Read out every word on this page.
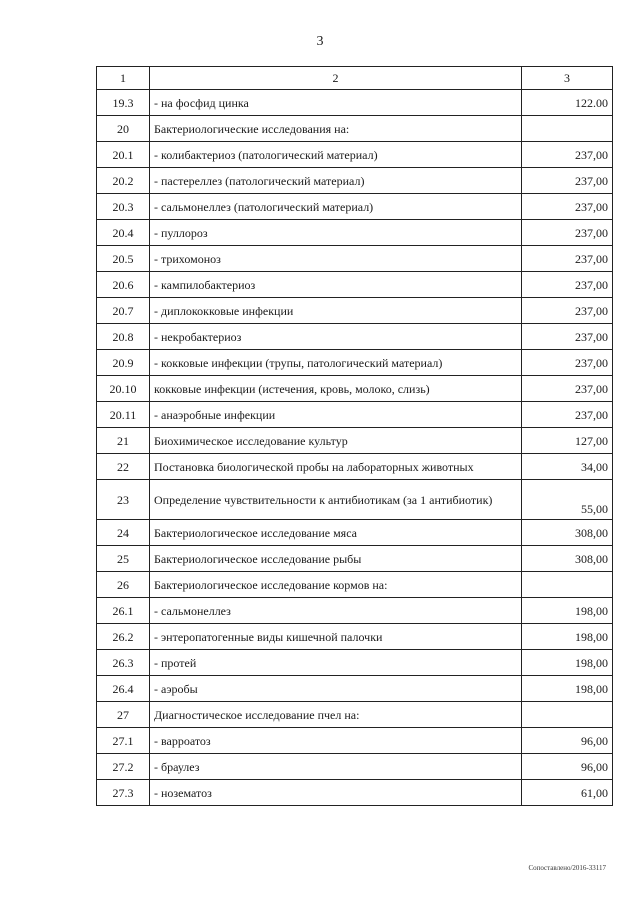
3
1	2	3
19.3	- на фосфид цинка	122.00
20	Бактериологические исследования на:	
20.1	- колибактериоз (патологический материал)	237,00
20.2	- пастереллез (патологический материал)	237,00
20.3	- сальмонеллез (патологический материал)	237,00
20.4	- пуллороз	237,00
20.5	- трихомоноз	237,00
20.6	- кампилобактериоз	237,00
20.7	- диплококковые инфекции	237,00
20.8	- некробактериоз	237,00
20.9	- кокковые инфекции (трупы, патологический материал)	237,00
20.10	кокковые инфекции (истечения, кровь, молоко, слизь)	237,00
20.11	- анаэробные инфекции	237,00
21	Биохимическое исследование культур	127,00
22	Постановка биологической пробы на лабораторных животных	34,00
23	Определение чувствительности к антибиотикам (за 1 антибиотик)	55,00
24	Бактериологическое исследование мяса	308,00
25	Бактериологическое исследование рыбы	308,00
26	Бактериологическое исследование кормов на:	
26.1	- сальмонеллез	198,00
26.2	- энтеропатогенные виды кишечной палочки	198,00
26.3	- протей	198,00
26.4	- аэробы	198,00
27	Диагностическое исследование пчел на:	
27.1	- варроатоз	96,00
27.2	- браулез	96,00
27.3	- нозематоз	61,00
Сопоставлено/2016-33117
